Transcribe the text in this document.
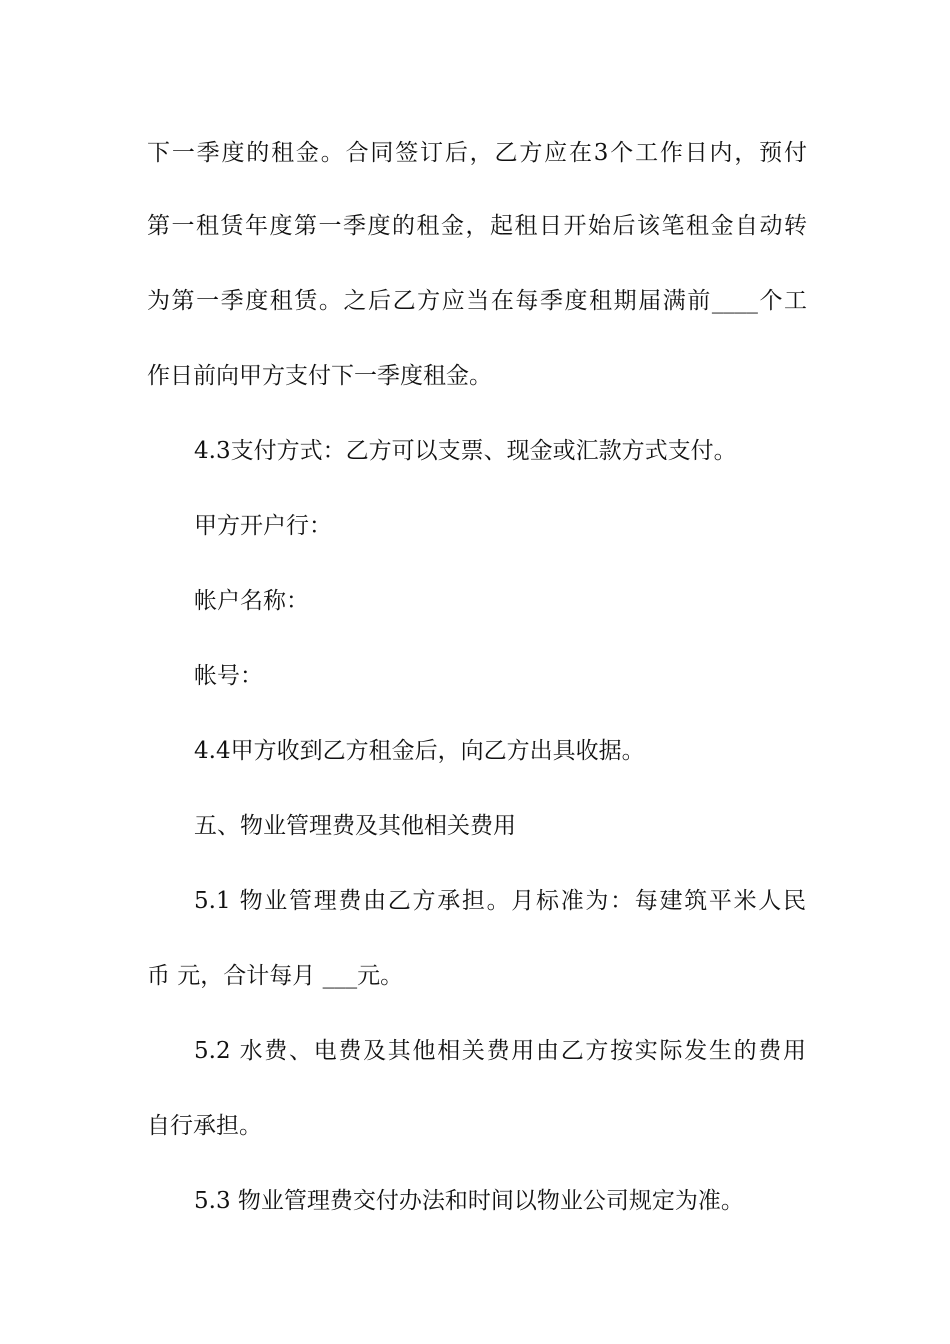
下一季度的租金。合同签订后，乙方应在3个工作日内，预付
第一租赁年度第一季度的租金，起租日开始后该笔租金自动转
为第一季度租赁。之后乙方应当在每季度租期届满前____个工
作日前向甲方支付下一季度租金。
4.3支付方式：乙方可以支票、现金或汇款方式支付。
甲方开户行：
帐户名称：
帐号：
4.4甲方收到乙方租金后，向乙方出具收据。
五、物业管理费及其他相关费用
5.1 物业管理费由乙方承担。月标准为：每建筑平米人民
币 元，合计每月 ___元。
5.2 水费、电费及其他相关费用由乙方按实际发生的费用
自行承担。
5.3 物业管理费交付办法和时间以物业公司规定为准。
